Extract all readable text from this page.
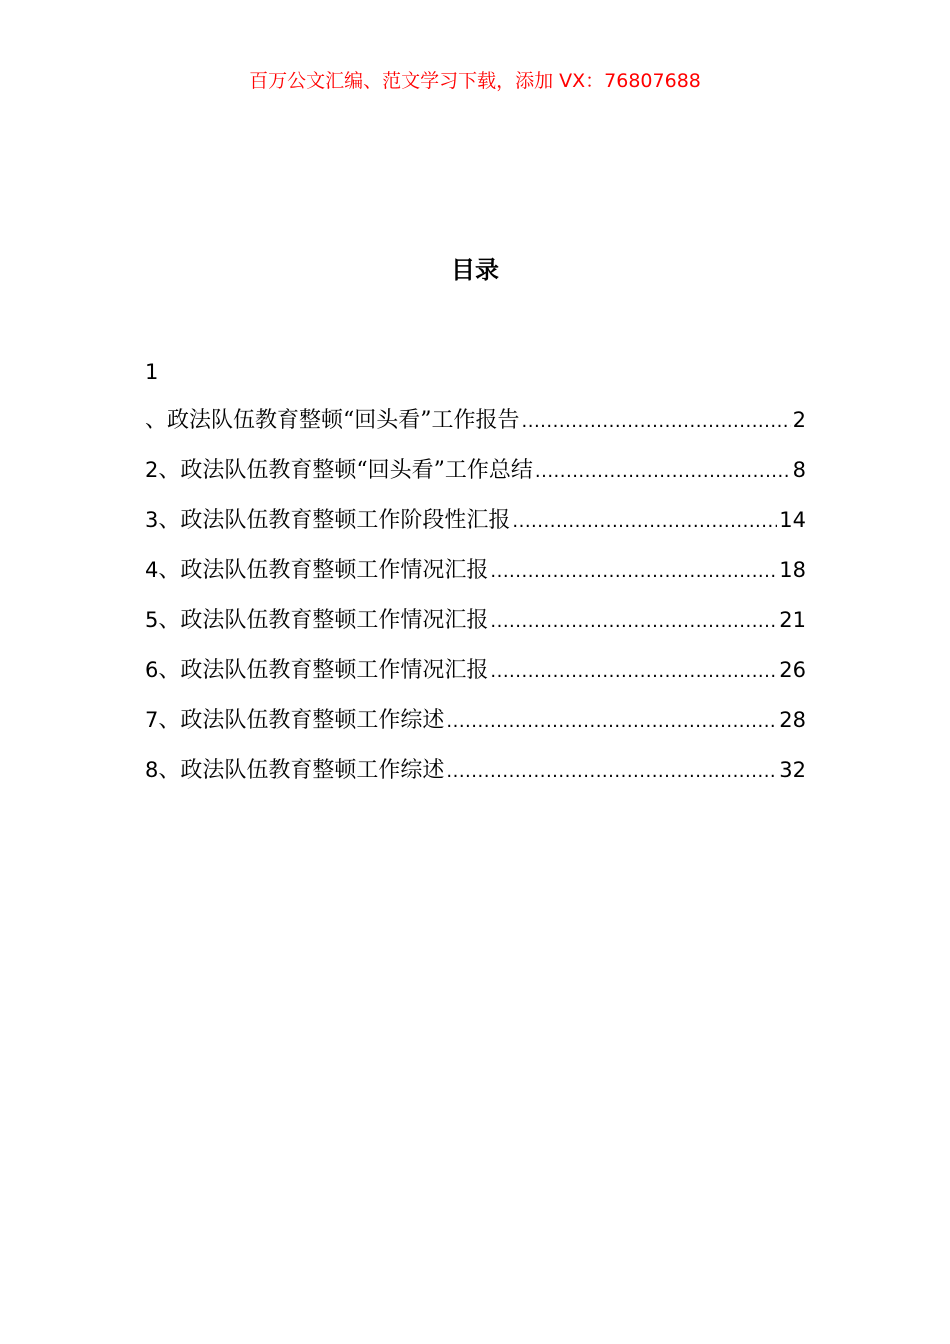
百万公文汇编、范文学习下载，添加 VX：76807688
目录
1
、政法队伍教育整顿“回头看”工作报告 .....	2
2 、政法队伍教育整顿“回头看”工作总结 .....	8
3 、政法队伍教育整顿工作阶段性汇报 .....	14
4 、政法队伍教育整顿工作情况汇报 .....	18
5 、政法队伍教育整顿工作情况汇报 .....	21
6 、政法队伍教育整顿工作情况汇报 .....	26
7 、政法队伍教育整顿工作综述 .....	28
8 、政法队伍教育整顿工作综述 .....	32
